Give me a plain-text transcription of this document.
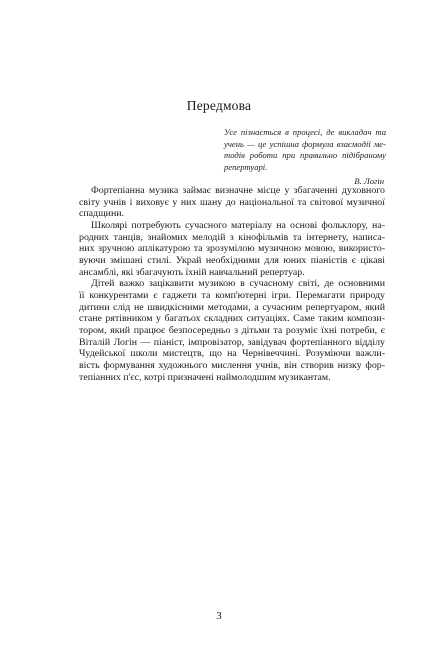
Передмова
Усе пізнається в процесі, де викладач та
учень — це успішна формула взаємодії ме-
тодів роботи при правильно підібраному
репертуарі.
В. Логін

Фортепіанна музика займає визначне місце у збагаченні духовного
світу учнів і виховує у них шану до національної та світової музичної
спадщини.

Школярі потребують сучасного матеріалу на основі фольклору, на-
родних танців, знайомих мелодій з кінофільмів та інтернету, написа-
них зручною аплікатурою та зрозумілою музичною мовою, використо-
вуючи змішані стилі. Украй необхідними для юних піаністів є цікаві
ансамблі, які збагачують їхній навчальний репертуар.

Дітей важко зацікавити музикою в сучасному світі, де основними
її конкурентами є гаджети та комп'ютерні ігри. Перемагати природу
дитини слід не швидкісними методами, а сучасним репертуаром, який
стане рятівником у багатьох складних ситуаціях. Саме таким компози-
тором, який працює безпосередньо з дітьми та розуміє їхні потреби, є
Віталій Логін — піаніст, імпровізатор, завідувач фортепіанного відділу
Чудейської школи мистецтв, що на Чернівеччині. Розуміючи важли-
вість формування художнього мислення учнів, він створив низку фор-
тепіанних п'єс, котрі призначені наймолодшим музикантам.

3
